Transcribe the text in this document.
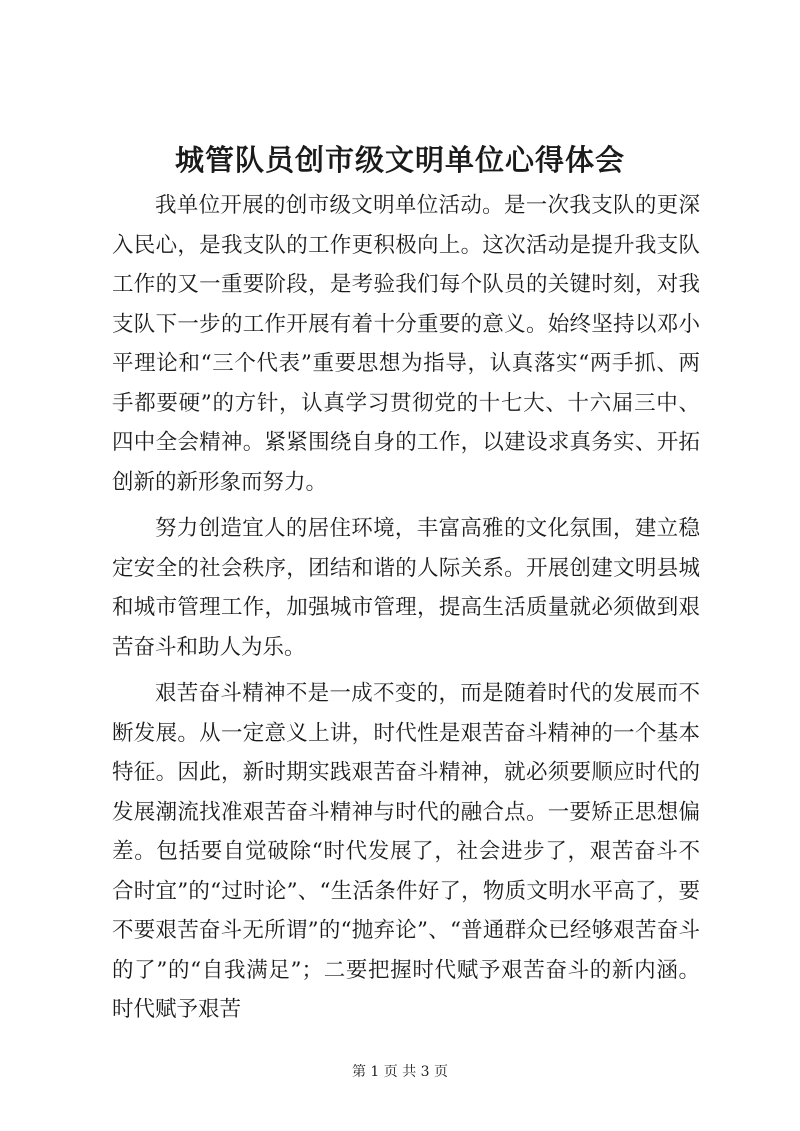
城管队员创市级文明单位心得体会

我单位开展的创市级文明单位活动。是一次我支队的更深入民心，是我支队的工作更积极向上。这次活动是提升我支队工作的又一重要阶段，是考验我们每个队员的关键时刻，对我支队下一步的工作开展有着十分重要的意义。始终坚持以邓小平理论和“三个代表”重要思想为指导，认真落实“两手抓、两手都要硬”的方针，认真学习贯彻党的十七大、十六届三中、四中全会精神。紧紧围绕自身的工作，以建设求真务实、开拓创新的新形象而努力。

努力创造宜人的居住环境，丰富高雅的文化氛围，建立稳定安全的社会秩序，团结和谐的人际关系。开展创建文明县城和城市管理工作，加强城市管理，提高生活质量就必须做到艰苦奋斗和助人为乐。

艰苦奋斗精神不是一成不变的，而是随着时代的发展而不断发展。从一定意义上讲，时代性是艰苦奋斗精神的一个基本特征。因此，新时期实践艰苦奋斗精神，就必须要顺应时代的发展潮流找准艰苦奋斗精神与时代的融合点。一要矫正思想偏差。包括要自觉破除“时代发展了，社会进步了，艰苦奋斗不合时宜”的“过时论”、“生活条件好了，物质文明水平高了，要不要艰苦奋斗无所谓”的“抛弃论”、“普通群众已经够艰苦奋斗的了”的“自我满足”；二要把握时代赋予艰苦奋斗的新内涵。时代赋予艰苦

第 1 页 共 3 页
